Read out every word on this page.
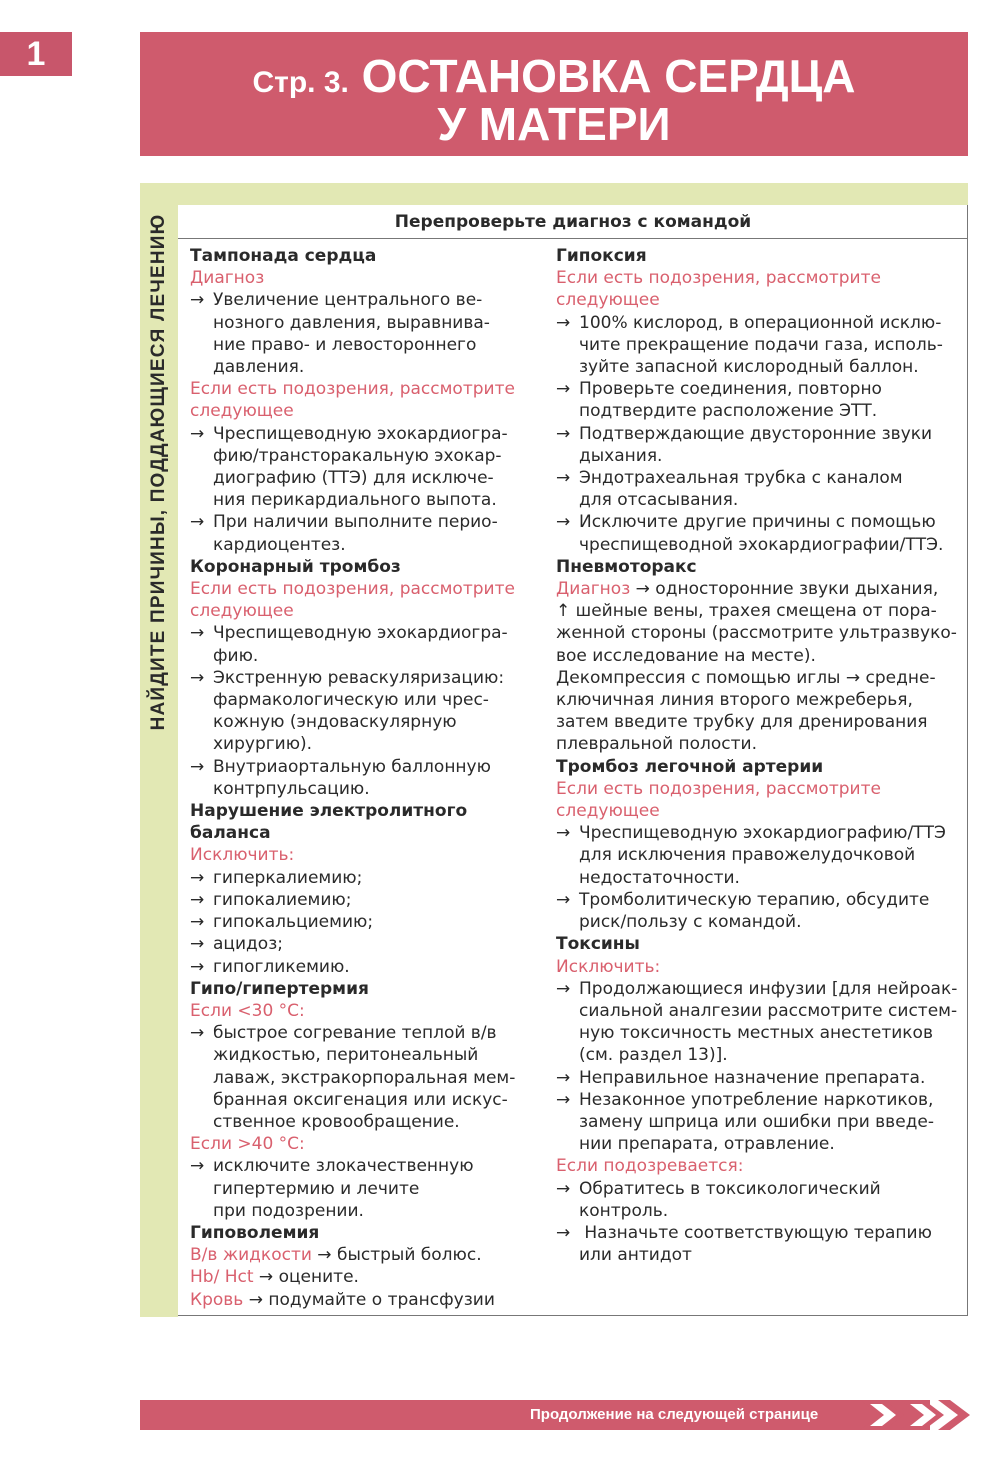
1
Стр. 3. ОСТАНОВКА СЕРДЦА
У МАТЕРИ
НАЙДИТЕ ПРИЧИНЫ, ПОДДАЮЩИЕСЯ ЛЕЧЕНИЮ	Перепроверьте диагноз с командой
Тампонада сердца
Диагноз
→ Увеличение центрального ве-
нозного давления, выравнива-
ние право- и левостороннего
давления.
Если есть подозрения, рассмотрите
следующее
→ Чреспищеводную эхокардиогра-
фию/трансторакальную эхокар-
диографию (ТТЭ) для исключе-
ния перикардиального выпота.
→ При наличии выполните перио-
кардиоцентез.
Коронарный тромбоз
Если есть подозрения, рассмотрите
следующее
→ Чреспищеводную эхокардиогра-
фию.
→ Экстренную реваскуляризацию:
фармакологическую или чрес-
кожную (эндоваскулярную
хирургию).
→ Внутриаортальную баллонную
контрпульсацию.
Нарушение электролитного
баланса
Исключить:
→ гиперкалиемию;
→ гипокалиемию;
→ гипокальциемию;
→ ацидоз;
→ гипогликемию.
Гипо/гипертермия
Если <30 °С:
→ быстрое согревание теплой в/в
жидкостью, перитонеальный
лаваж, экстракорпоральная мем-
бранная оксигенация или искус-
ственное кровообращение.
Если >40 °С:
→ исключите злокачественную
гипертермию и лечите
при подозрении.
Гиповолемия
В/в жидкости → быстрый болюс.
Hb/ Hct → оцените.
Кровь → подумайте о трансфузии
Гипоксия
Если есть подозрения, рассмотрите
следующее
→ 100% кислород, в операционной исклю-
чите прекращение подачи газа, исполь-
зуйте запасной кислородный баллон.
→ Проверьте соединения, повторно
подтвердите расположение ЭТТ.
→ Подтверждающие двусторонние звуки
дыхания.
→ Эндотрахеальная трубка с каналом
для отсасывания.
→ Исключите другие причины с помощью
чреспищеводной эхокардиографии/ТТЭ.
Пневмоторакс
Диагноз → односторонние звуки дыхания,
↑ шейные вены, трахея смещена от пора-
женной стороны (рассмотрите ультразвуко-
вое исследование на месте).
Декомпрессия с помощью иглы → средне-
ключичная линия второго межреберья,
затем введите трубку для дренирования
плевральной полости.
Тромбоз легочной артерии
Если есть подозрения, рассмотрите
следующее
→ Чреспищеводную эхокардиографию/ТТЭ
для исключения правожелудочковой
недостаточности.
→ Тромболитическую терапию, обсудите
риск/пользу с командой.
Токсины
Исключить:
→ Продолжающиеся инфузии [для нейроак-
сиальной аналгезии рассмотрите систем-
ную токсичность местных анестетиков
(см. раздел 13)].
→ Неправильное назначение препарата.
→ Незаконное употребление наркотиков,
замену шприца или ошибки при введе-
нии препарата, отравление.
Если подозревается:
→ Обратитесь в токсикологический
контроль.
→  Назначьте соответствующую терапию
или антидот
Продолжение на следующей странице
